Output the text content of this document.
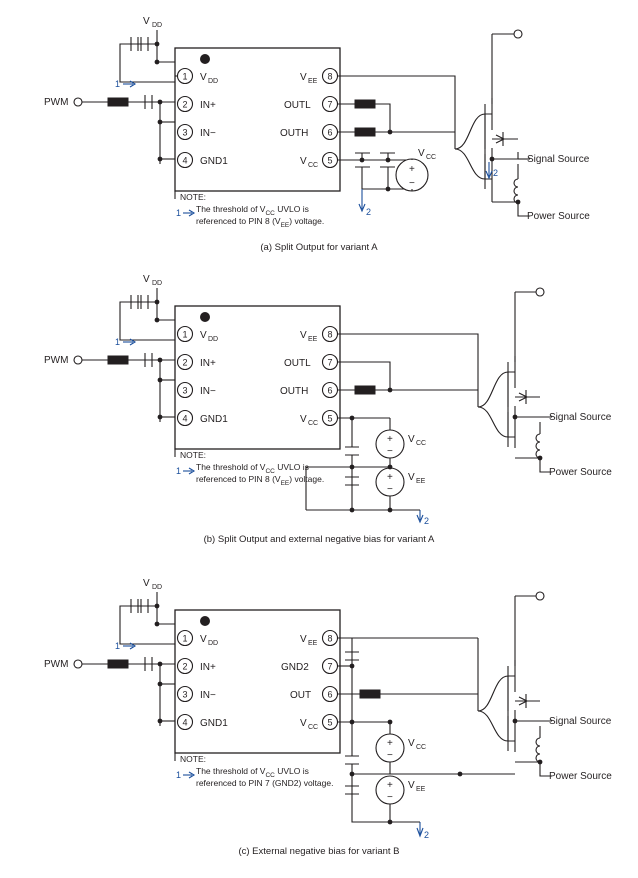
V DD
1
PWM
1 V DD
2 IN+
3 IN−
4 GND1
8
V EE
7
OUTL
6
OUTH
5
V CC	+
−
V CC
2
Signal Source
Power Source
2
NOTE:
The threshold of $V_{CC}$ UVLO is
referenced to PIN 8 $(V_{EE})$ voltage.
1
(a) Split Output for variant A
V DD
1
PWM
1 V DD
2 IN+
3 IN−
4 GND1
8
V EE
7
OUTL
6
OUTH
5
V CC
+
−
V CC
+
−
V EE
2
Signal Source
Power Source
NOTE:
The threshold of $V_{CC}$ UVLO is
referenced to PIN 8 $(V_{EE})$ voltage.
1
(b) Split Output and external negative bias for variant A
V DD
1
PWM
1 V DD
2 IN+
3 IN−
4 GND1
8
V EE
7
GND2
6
OUT
5
V CC
+
−
V CC
+
−
V EE
2
Signal Source
Power Source
NOTE:
The threshold of $V_{CC}$ UVLO is
referenced to PIN 7 (GND2) voltage.
1
(c) External negative bias for variant B
